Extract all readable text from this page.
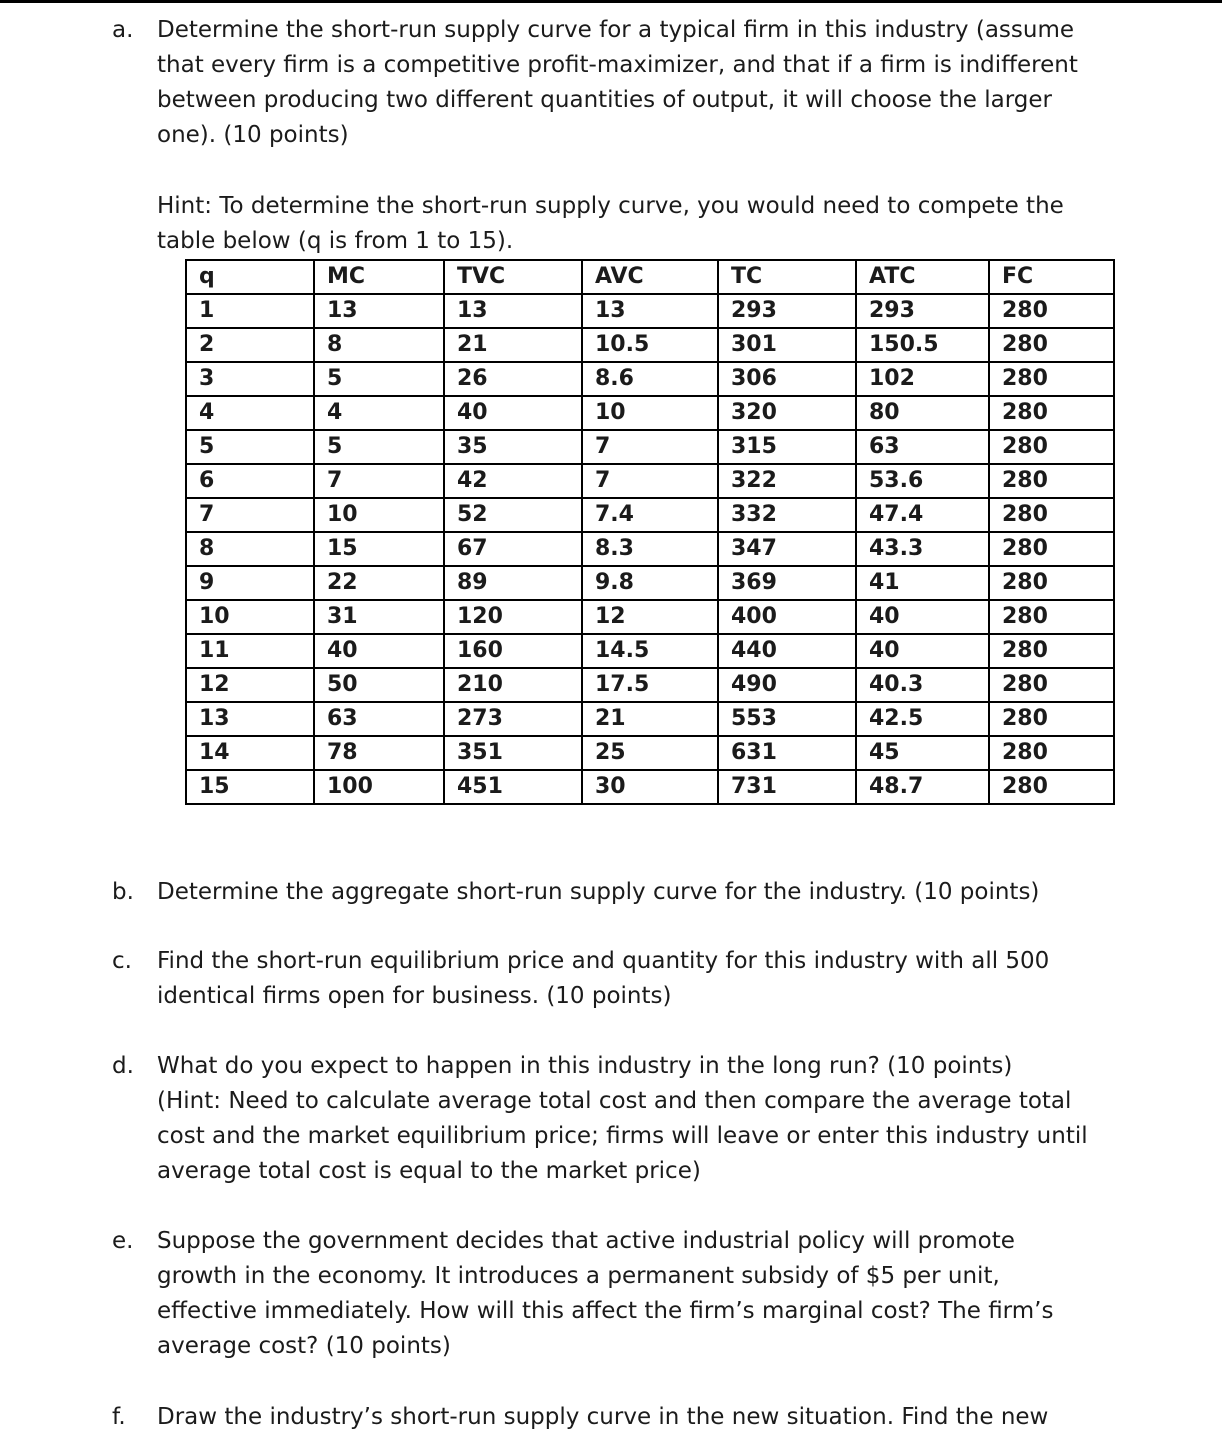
a. Determine the short-run supply curve for a typical firm in this industry (assume
that every firm is a competitive profit-maximizer, and that if a firm is indifferent
between producing two different quantities of output, it will choose the larger
one). (10 points)
Hint: To determine the short-run supply curve, you would need to compete the
table below (q is from 1 to 15).
q	MC	TVC	AVC	TC	ATC	FC
1	13	13	13	293	293	280
2	8	21	10.5	301	150.5	280
3	5	26	8.6	306	102	280
4	4	40	10	320	80	280
5	5	35	7	315	63	280
6	7	42	7	322	53.6	280
7	10	52	7.4	332	47.4	280
8	15	67	8.3	347	43.3	280
9	22	89	9.8	369	41	280
10	31	120	12	400	40	280
11	40	160	14.5	440	40	280
12	50	210	17.5	490	40.3	280
13	63	273	21	553	42.5	280
14	78	351	25	631	45	280
15	100	451	30	731	48.7	280
b. Determine the aggregate short-run supply curve for the industry. (10 points)
c. Find the short-run equilibrium price and quantity for this industry with all 500
identical firms open for business. (10 points)
d. What do you expect to happen in this industry in the long run? (10 points)
(Hint: Need to calculate average total cost and then compare the average total
cost and the market equilibrium price; firms will leave or enter this industry until
average total cost is equal to the market price)
e. Suppose the government decides that active industrial policy will promote
growth in the economy. It introduces a permanent subsidy of $5 per unit,
effective immediately. How will this affect the firm’s marginal cost? The firm’s
average cost? (10 points)
f. Draw the industry’s short-run supply curve in the new situation. Find the new
